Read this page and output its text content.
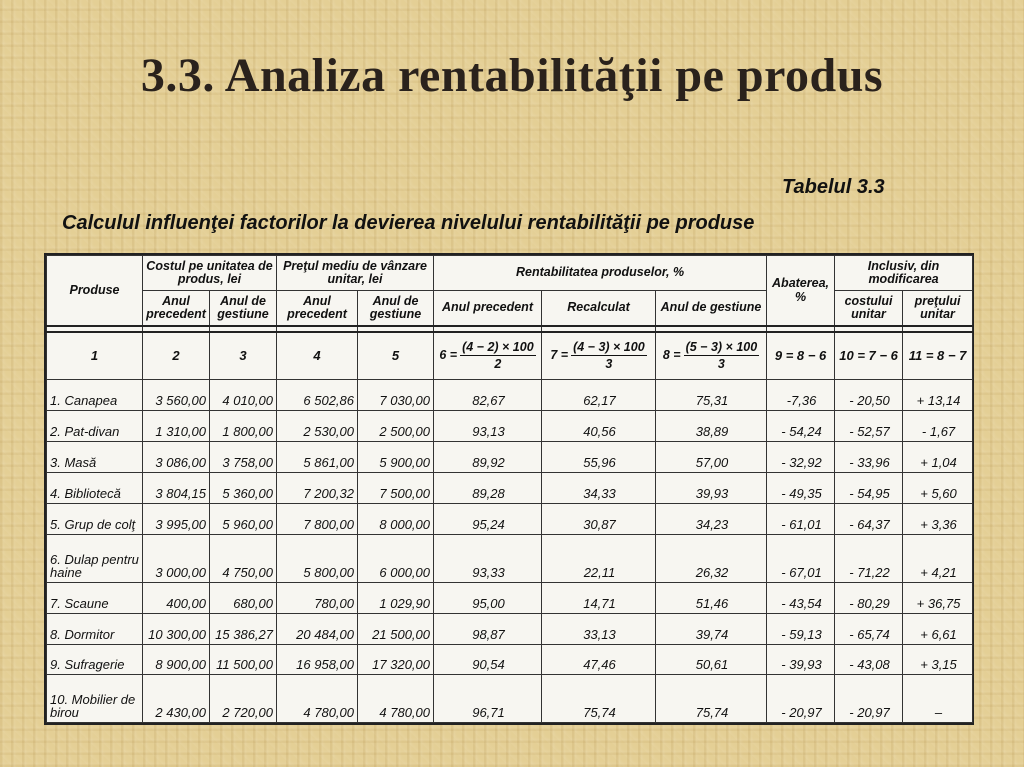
3.3. Analiza rentabilităţii pe produs
Tabelul 3.3
Calculul influenţei factorilor la devierea nivelului rentabilităţii pe produse
Produse	Costul pe unitatea de produs, lei		Preţul mediu de vânzare unitar, lei		Rentabilitatea produselor, %			Abaterea, %	Inclusiv, din modificarea	
	Anul precedent	Anul de gestiune	Anul precedent	Anul de gestiune	Anul precedent	Recalculat	Anul de gestiune		costului unitar	preţului unitar

1	2	3	4	5	$6 = \frac{(4 - 2) \times 100}{2}$	$7 = \frac{(4 - 3) \times 100}{3}$	$8 = \frac{(5 - 3) \times 100}{3}$	9 = 8 − 6	10 = 7 − 6	11 = 8 − 7
1. Canapea	3 560,00	4 010,00	6 502,86	7 030,00	82,67	62,17	75,31	-7,36	- 20,50	+ 13,14
2. Pat-divan	1 310,00	1 800,00	2 530,00	2 500,00	93,13	40,56	38,89	- 54,24	- 52,57	- 1,67
3. Masă	3 086,00	3 758,00	5 861,00	5 900,00	89,92	55,96	57,00	- 32,92	- 33,96	+ 1,04
4. Bibliotecă	3 804,15	5 360,00	7 200,32	7 500,00	89,28	34,33	39,93	- 49,35	- 54,95	+ 5,60
5. Grup de colţ	3 995,00	5 960,00	7 800,00	8 000,00	95,24	30,87	34,23	- 61,01	- 64,37	+ 3,36
6. Dulap pentru haine	3 000,00	4 750,00	5 800,00	6 000,00	93,33	22,11	26,32	- 67,01	- 71,22	+ 4,21
7. Scaune	400,00	680,00	780,00	1 029,90	95,00	14,71	51,46	- 43,54	- 80,29	+ 36,75
8. Dormitor	10 300,00	15 386,27	20 484,00	21 500,00	98,87	33,13	39,74	- 59,13	- 65,74	+ 6,61
9. Sufragerie	8 900,00	11 500,00	16 958,00	17 320,00	90,54	47,46	50,61	- 39,93	- 43,08	+ 3,15
10. Mobilier de birou	2 430,00	2 720,00	4 780,00	4 780,00	96,71	75,74	75,74	- 20,97	- 20,97	–
